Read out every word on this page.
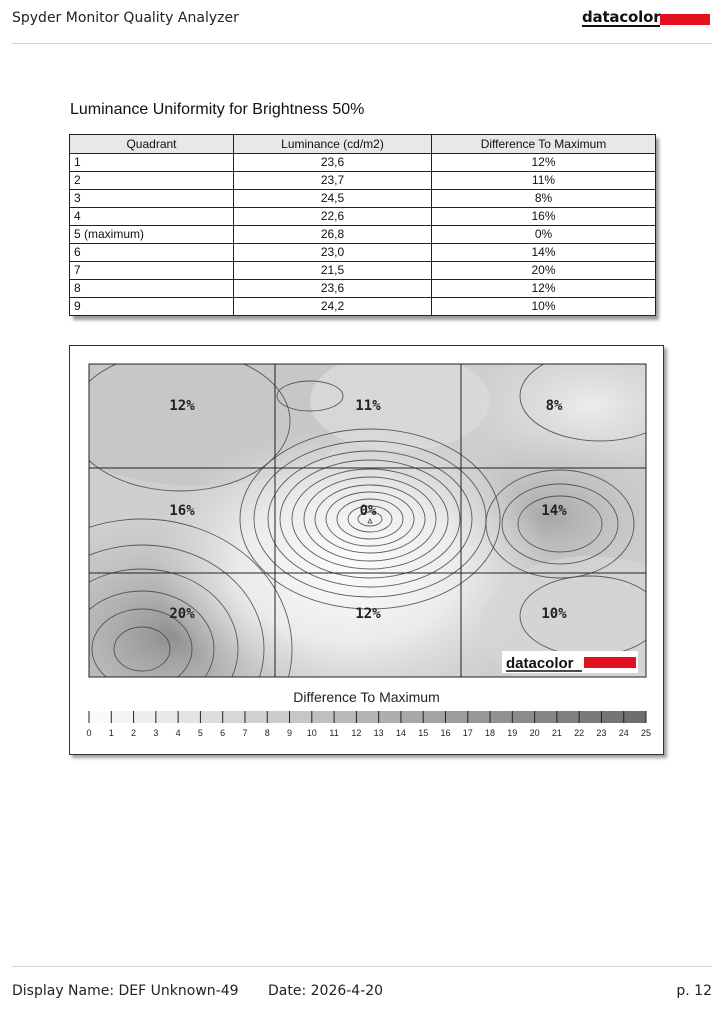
Spyder Monitor Quality Analyzer	datacolor
Luminance Uniformity for Brightness 50%
Quadrant	Luminance (cd/m2)	Difference To Maximum
1	23,6	12%
2	23,7	11%
3	24,5	8%
4	22,6	16%
5 (maximum)	26,8	0%
6	23,0	14%
7	21,5	20%
8	23,6	12%
9	24,2	10%
12%	11%	8%
16%	0%	14%
20%	12%	10%
datacolor
0 1 2 3 4 5 6 7 8 9 10 11 12 13 14 15 16 17 18 19 20 21 22 23 24 25
Difference To Maximum
Display Name: DEF Unknown-49 Date: 2026-4-20	p. 12
